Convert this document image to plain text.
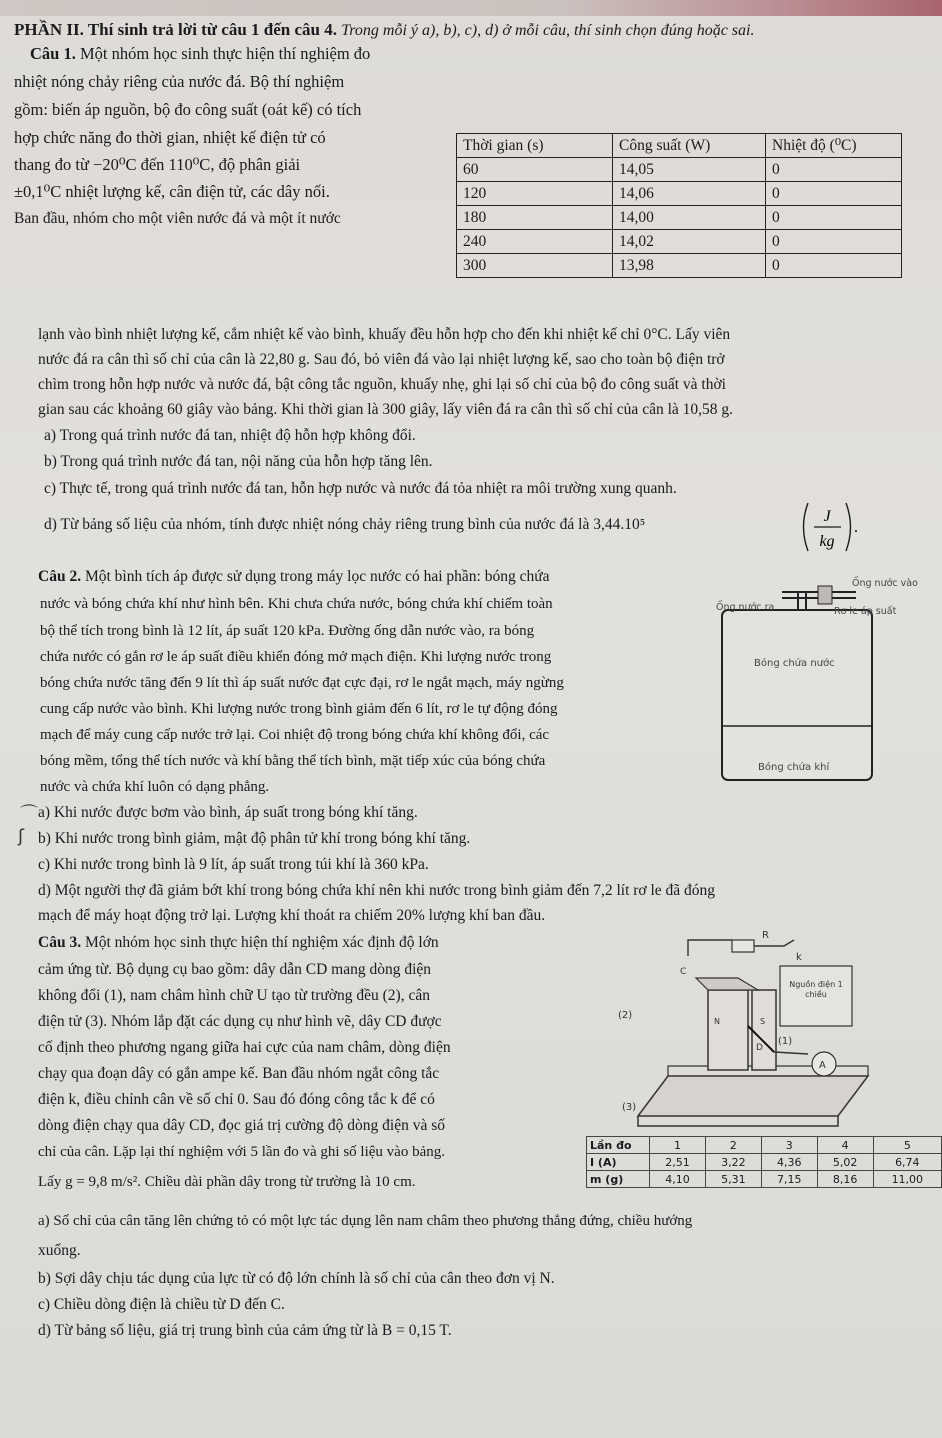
PHẦN II. Thí sinh trả lời từ câu 1 đến câu 4. Trong mỗi ý a), b), c), d) ở mỗi câu, thí sinh chọn đúng hoặc sai.
Câu 1. Một nhóm học sinh thực hiện thí nghiệm đo
nhiệt nóng chảy riêng của nước đá. Bộ thí nghiệm
gồm: biến áp nguồn, bộ đo công suất (oát kế) có tích
hợp chức năng đo thời gian, nhiệt kế điện tử có
thang đo từ −20⁰C đến 110⁰C, độ phân giải
±0,1⁰C nhiệt lượng kế, cân điện tử, các dây nối.
Ban đầu, nhóm cho một viên nước đá và một ít nước
Thời gian (s)	Công suất (W)	Nhiệt độ (⁰C)
60	14,05	0
120	14,06	0
180	14,00	0
240	14,02	0
300	13,98	0
lạnh vào bình nhiệt lượng kế, cắm nhiệt kế vào bình, khuấy đều hỗn hợp cho đến khi nhiệt kế chỉ 0°C. Lấy viên
nước đá ra cân thì số chỉ của cân là 22,80 g. Sau đó, bỏ viên đá vào lại nhiệt lượng kế, sao cho toàn bộ điện trở
chìm trong hỗn hợp nước và nước đá, bật công tắc nguồn, khuấy nhẹ, ghi lại số chỉ của bộ đo công suất và thời
gian sau các khoảng 60 giây vào bảng. Khi thời gian là 300 giây, lấy viên đá ra cân thì số chỉ của cân là 10,58 g.
a) Trong quá trình nước đá tan, nhiệt độ hỗn hợp không đổi.
b) Trong quá trình nước đá tan, nội năng của hỗn hợp tăng lên.
c) Thực tế, trong quá trình nước đá tan, hỗn hợp nước và nước đá tỏa nhiệt ra môi trường xung quanh.
d) Từ bảng số liệu của nhóm, tính được nhiệt nóng chảy riêng trung bình của nước đá là 3,44.10⁵	J
kg
.
Câu 2. Một bình tích áp được sử dụng trong máy lọc nước có hai phần: bóng chứa
nước và bóng chứa khí như hình bên. Khi chưa chứa nước, bóng chứa khí chiếm toàn
bộ thể tích trong bình là 12 lít, áp suất 120 kPa. Đường ống dẫn nước vào, ra bóng
chứa nước có gắn rơ le áp suất điều khiển đóng mở mạch điện. Khi lượng nước trong
bóng chứa nước tăng đến 9 lít thì áp suất nước đạt cực đại, rơ le ngắt mạch, máy ngừng
cung cấp nước vào bình. Khi lượng nước trong bình giảm đến 6 lít, rơ le tự động đóng
mạch để máy cung cấp nước trở lại. Coi nhiệt độ trong bóng chứa khí không đổi, các
bóng mềm, tổng thể tích nước và khí bằng thể tích bình, mặt tiếp xúc của bóng chứa
nước và chứa khí luôn có dạng phẳng.
Ống nước vào
Ống nước ra	Rơ le áp suất
Bóng chứa nước
Bóng chứa khí
⌒
ʃ
a) Khi nước được bơm vào bình, áp suất trong bóng khí tăng.
b) Khi nước trong bình giảm, mật độ phân tử khí trong bóng khí tăng.
c) Khi nước trong bình là 9 lít, áp suất trong túi khí là 360 kPa.
d) Một người thợ đã giảm bớt khí trong bóng chứa khí nên khi nước trong bình giảm đến 7,2 lít rơ le đã đóng
mạch để máy hoạt động trở lại. Lượng khí thoát ra chiếm 20% lượng khí ban đầu.
Câu 3. Một nhóm học sinh thực hiện thí nghiệm xác định độ lớn
cảm ứng từ. Bộ dụng cụ bao gồm: dây dẫn CD mang dòng điện
không đổi (1), nam châm hình chữ U tạo từ trường đều (2), cân
điện tử (3). Nhóm lắp đặt các dụng cụ như hình vẽ, dây CD được
cố định theo phương ngang giữa hai cực của nam châm, dòng điện
chạy qua đoạn dây có gắn ampe kế. Ban đầu nhóm ngắt công tắc
điện k, điều chỉnh cân về số chỉ 0. Sau đó đóng công tắc k để có
dòng điện chạy qua dây CD, đọc giá trị cường độ dòng điện và số
chỉ của cân. Lặp lại thí nghiệm với 5 lần đo và ghi số liệu vào bảng.
Lấy g = 9,8 m/s². Chiều dài phần dây trong từ trường là 10 cm.
R
k
C
D
N	S
Nguồn điện 1 chiều
(2)
(1)
(3)
A
Lần đo	1	2	3	4	5
I (A)	2,51	3,22	4,36	5,02	6,74
m (g)	4,10	5,31	7,15	8,16	11,00
a) Số chỉ của cân tăng lên chứng tỏ có một lực tác dụng lên nam châm theo phương thẳng đứng, chiều hướng
xuống.
b) Sợi dây chịu tác dụng của lực từ có độ lớn chính là số chỉ của cân theo đơn vị N.
c) Chiều dòng điện là chiều từ D đến C.
d) Từ bảng số liệu, giá trị trung bình của cảm ứng từ là B = 0,15 T.
